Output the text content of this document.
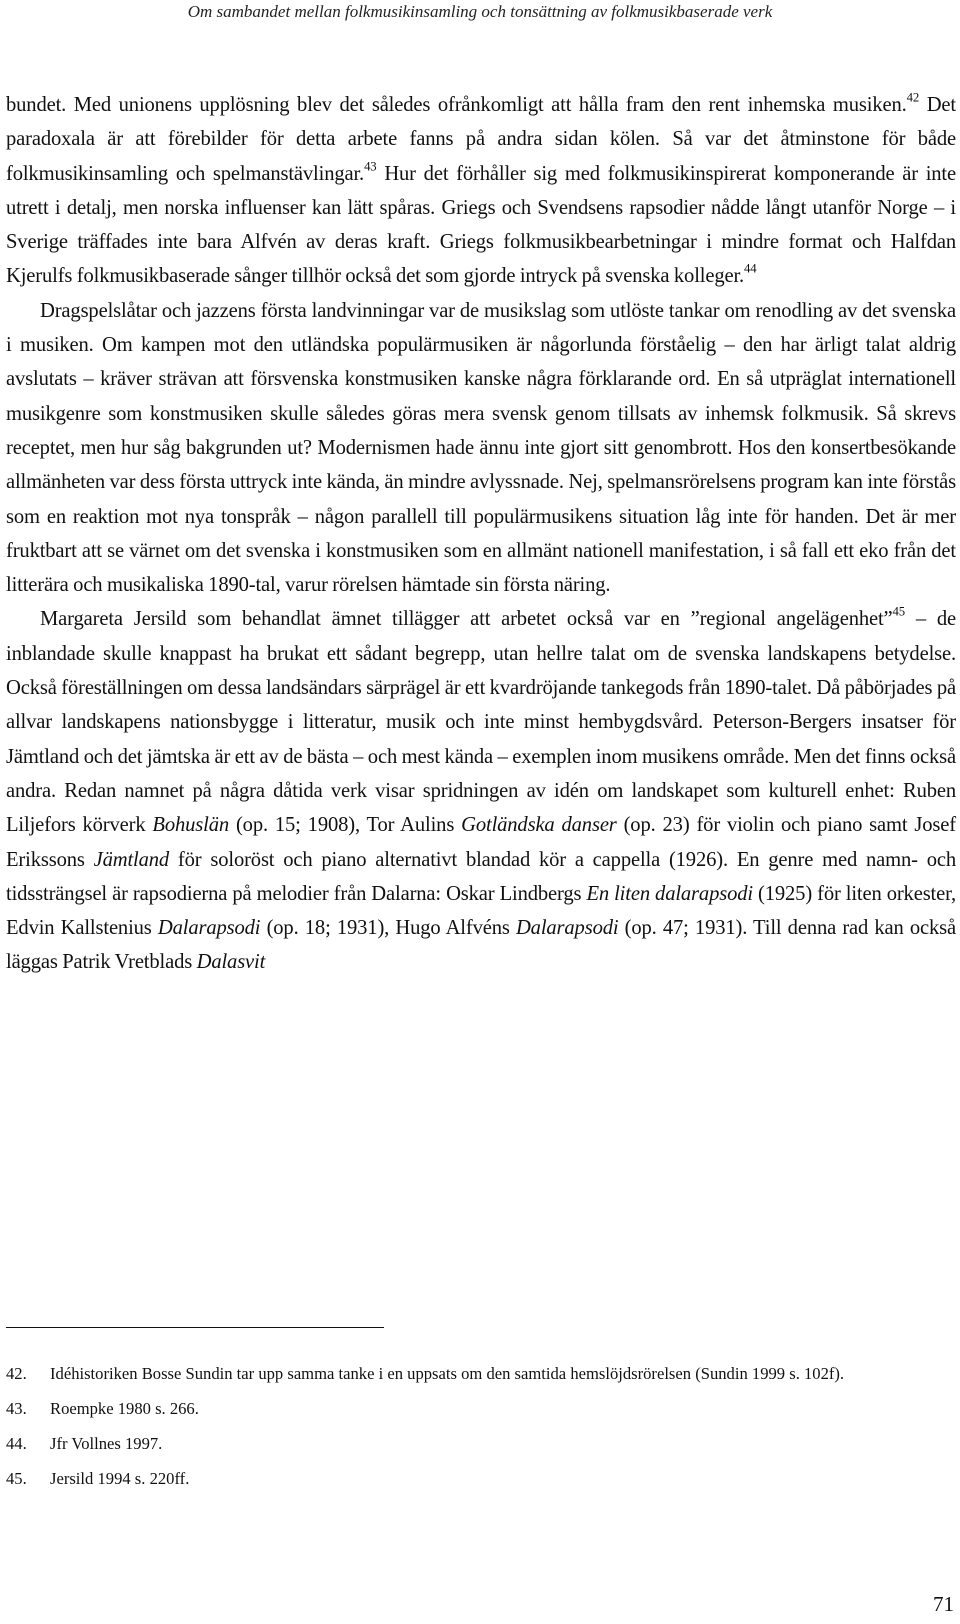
Om sambandet mellan folkmusikinsamling och tonsättning av folkmusikbaserade verk

bundet. Med unionens upplösning blev det således ofrånkomligt att hålla fram den rent inhemska musiken.$^{42}$ Det paradoxala är att förebilder för detta arbete fanns på andra sidan kölen. Så var det åtminstone för både folkmusikinsamling och spelmanstävlingar.$^{43}$ Hur det förhåller sig med folkmusikinspirerat komponerande är inte utrett i detalj, men norska influenser kan lätt spåras. Griegs och Svendsens rapsodier nådde långt utanför Norge – i Sverige träffades inte bara Alfvén av deras kraft. Griegs folkmusikbearbetningar i mindre format och Halfdan Kjerulfs folkmusikbaserade sånger tillhör också det som gjorde intryck på svenska kolleger.$^{44}$

Dragspelslåtar och jazzens första landvinningar var de musikslag som utlöste tankar om renodling av det svenska i musiken. Om kampen mot den utländska populärmusiken är någorlunda förståelig – den har ärligt talat aldrig avslutats – kräver strävan att försvenska konstmusiken kanske några förklarande ord. En så utpräglat internationell musikgenre som konstmusiken skulle således göras mera svensk genom tillsats av inhemsk folkmusik. Så skrevs receptet, men hur såg bakgrunden ut? Modernismen hade ännu inte gjort sitt genombrott. Hos den konsertbesökande allmänheten var dess första uttryck inte kända, än mindre avlyssnade. Nej, spelmansrörelsens program kan inte förstås som en reaktion mot nya tonspråk – någon parallell till populärmusikens situation låg inte för handen. Det är mer fruktbart att se värnet om det svenska i konstmusiken som en allmänt nationell manifestation, i så fall ett eko från det litterära och musikaliska 1890-tal, varur rörelsen hämtade sin första näring.

Margareta Jersild som behandlat ämnet tillägger att arbetet också var en ”regional angelägenhet”$^{45}$ – de inblandade skulle knappast ha brukat ett sådant begrepp, utan hellre talat om de svenska landskapens betydelse. Också föreställningen om dessa landsändars särprägel är ett kvardröjande tankegods från 1890-talet. Då påbörjades på allvar landskapens nationsbygge i litteratur, musik och inte minst hembygdsvård. Peterson-Bergers insatser för Jämtland och det jämtska är ett av de bästa – och mest kända – exemplen inom musikens område. Men det finns också andra. Redan namnet på några dåtida verk visar spridningen av idén om landskapet som kulturell enhet: Ruben Liljefors körverk Bohuslän (op. 15; 1908), Tor Aulins Gotländska danser (op. 23) för violin och piano samt Josef Erikssons Jämtland för soloröst och piano alternativt blandad kör a cappella (1926). En genre med namn- och tidssträngsel är rapsodierna på melodier från Dalarna: Oskar Lindbergs En liten dalarapsodi (1925) för liten orkester, Edvin Kallstenius Dalarapsodi (op. 18; 1931), Hugo Alfvéns Dalarapsodi (op. 47; 1931). Till denna rad kan också läggas Patrik Vretblads Dalasvit

42.	Idéhistoriken Bosse Sundin tar upp samma tanke i en uppsats om den samtida hemslöjdsrörelsen (Sundin 1999 s. 102f).
43.	Roempke 1980 s. 266.
44.	Jfr Vollnes 1997.
45.	Jersild 1994 s. 220ff.
71
